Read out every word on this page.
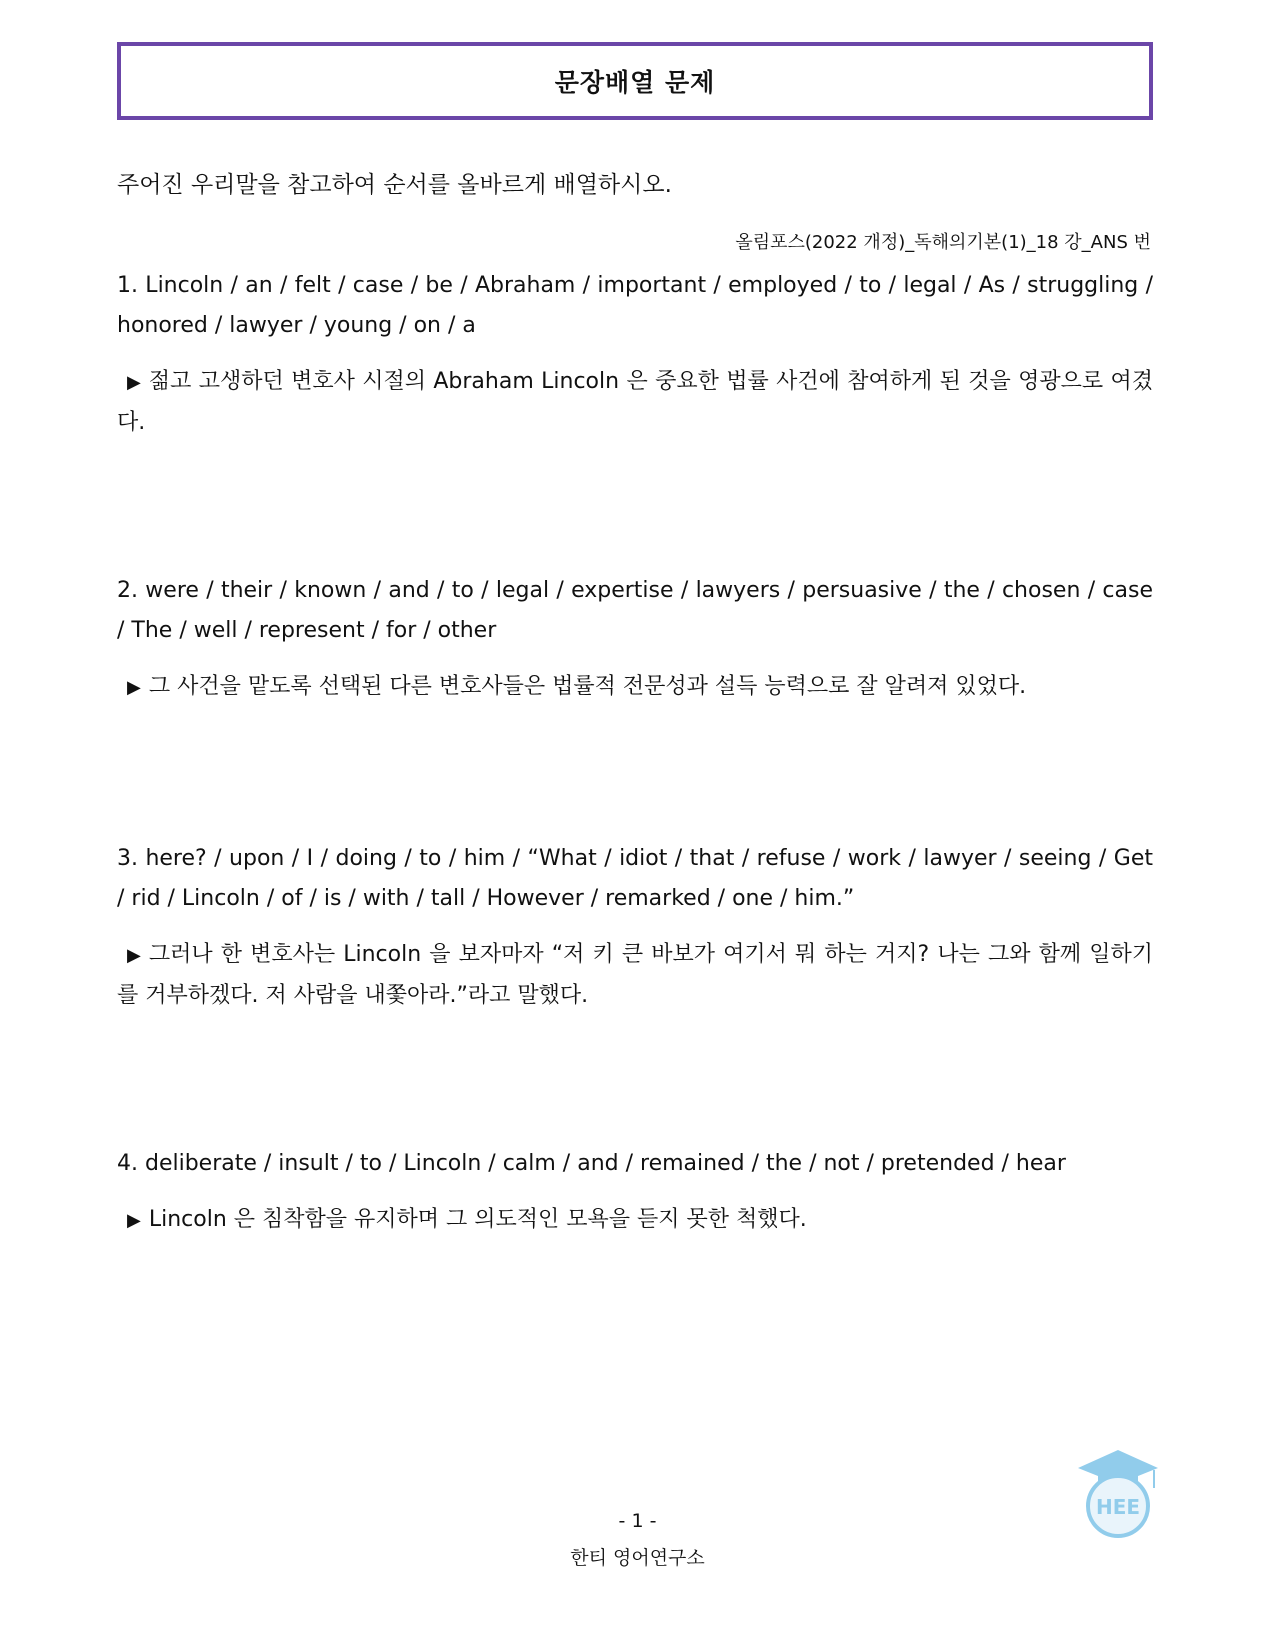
문장배열 문제

주어진 우리말을 참고하여 순서를 올바르게 배열하시오.

올림포스(2022 개정)_독해의기본(1)_18 강_ANS 번

1. Lincoln / an / felt / case / be / Abraham / important / employed / to / legal / As / struggling / honored / lawyer / young / on / a

▶ 젊고 고생하던 변호사 시절의 Abraham Lincoln 은 중요한 법률 사건에 참여하게 된 것을 영광으로 여겼다.

2. were / their / known / and / to / legal / expertise / lawyers / persuasive / the / chosen / case / The / well / represent / for / other

▶ 그 사건을 맡도록 선택된 다른 변호사들은 법률적 전문성과 설득 능력으로 잘 알려져 있었다.

3. here? / upon / I / doing / to / him / “What / idiot / that / refuse / work / lawyer / seeing / Get / rid / Lincoln / of / is / with / tall / However / remarked / one / him.”

▶ 그러나 한 변호사는 Lincoln 을 보자마자 “저 키 큰 바보가 여기서 뭐 하는 거지? 나는 그와 함께 일하기를 거부하겠다. 저 사람을 내쫓아라.”라고 말했다.

4. deliberate / insult / to / Lincoln / calm / and / remained / the / not / pretended / hear

▶ Lincoln 은 침착함을 유지하며 그 의도적인 모욕을 듣지 못한 척했다.

HEE

- 1 -

한티 영어연구소
